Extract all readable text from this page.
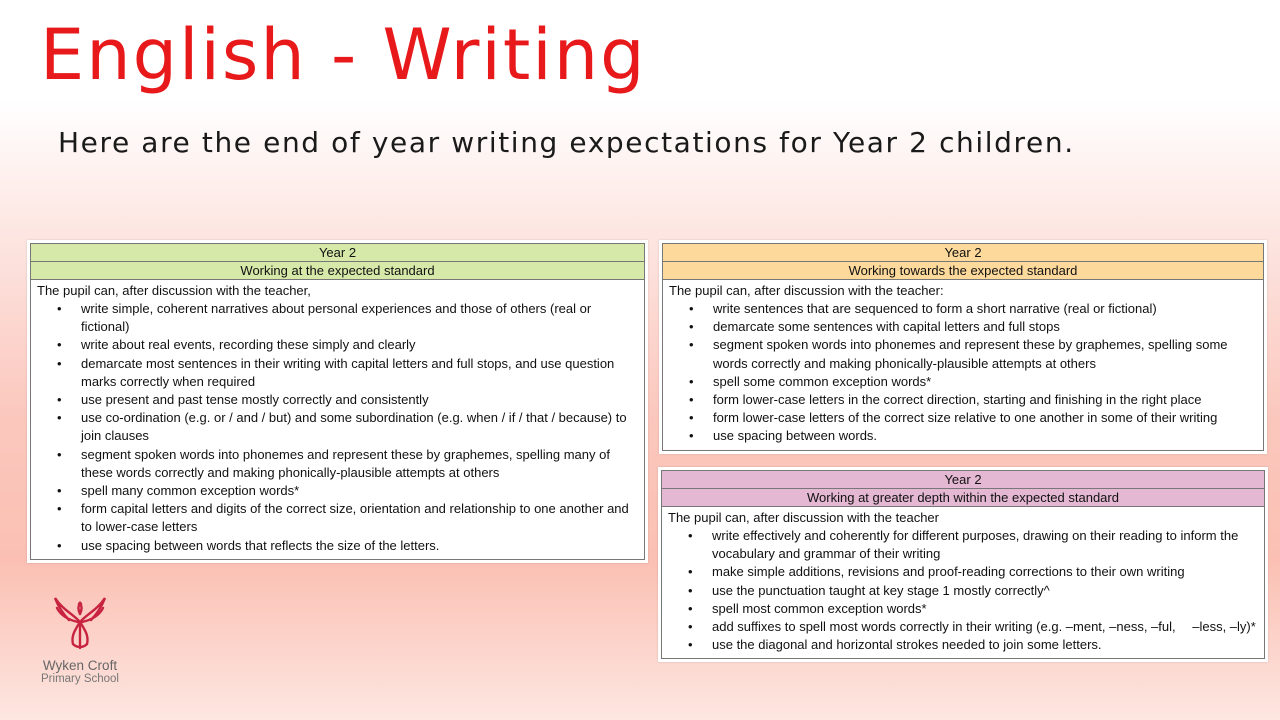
English - Writing
Here are the end of year writing expectations for Year 2 children.
Year 2
Working at the expected standard

The pupil can, after discussion with the teacher,
• write simple, coherent narratives about personal experiences and those of others (real or fictional)
• write about real events, recording these simply and clearly
• demarcate most sentences in their writing with capital letters and full stops, and use question marks correctly when required
• use present and past tense mostly correctly and consistently
• use co-ordination (e.g. or / and / but) and some subordination (e.g. when / if / that / because) to join clauses
• segment spoken words into phonemes and represent these by graphemes, spelling many of these words correctly and making phonically-plausible attempts at others
• spell many common exception words*
• form capital letters and digits of the correct size, orientation and relationship to one another and to lower-case letters
• use spacing between words that reflects the size of the letters.
Year 2
Working towards the expected standard

The pupil can, after discussion with the teacher:
• write sentences that are sequenced to form a short narrative (real or fictional)
• demarcate some sentences with capital letters and full stops
• segment spoken words into phonemes and represent these by graphemes, spelling some words correctly and making phonically-plausible attempts at others
• spell some common exception words*
• form lower-case letters in the correct direction, starting and finishing in the right place
• form lower-case letters of the correct size relative to one another in some of their writing
• use spacing between words.
Year 2
Working at greater depth within the expected standard

The pupil can, after discussion with the teacher
• write effectively and coherently for different purposes, drawing on their reading to inform the vocabulary and grammar of their writing
• make simple additions, revisions and proof-reading corrections to their own writing
• use the punctuation taught at key stage 1 mostly correctly^
• spell most common exception words*
• add suffixes to spell most words correctly in their writing (e.g. –ment, –ness, –ful,  –less, –ly)*
• use the diagonal and horizontal strokes needed to join some letters.
Wyken Croft
Primary School
